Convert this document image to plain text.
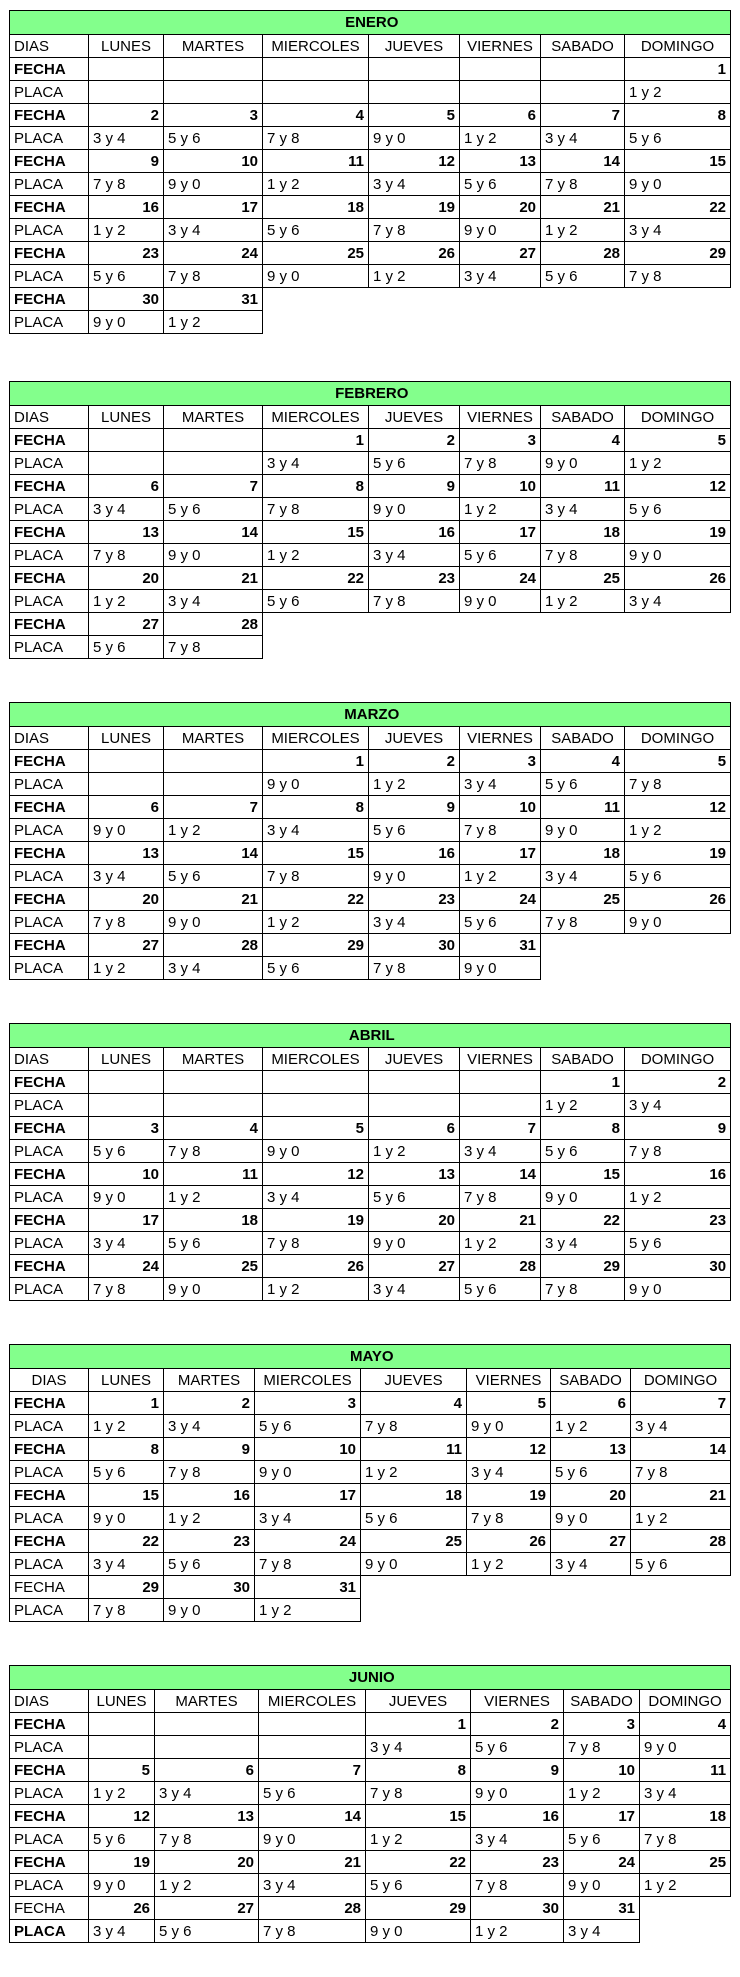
	ENERO						
DIAS	LUNES	MARTES	MIERCOLES	JUEVES	VIERNES	SABADO	DOMINGO
FECHA							1
PLACA							1 y 2
FECHA	2	3	4	5	6	7	8
PLACA	3 y 4	5 y 6	7 y 8	9 y 0	1 y 2	3 y 4	5 y 6
FECHA	9	10	11	12	13	14	15
PLACA	7 y 8	9 y 0	1 y 2	3 y 4	5 y 6	7 y 8	9 y 0
FECHA	16	17	18	19	20	21	22
PLACA	1 y 2	3 y 4	5 y 6	7 y 8	9 y 0	1 y 2	3 y 4
FECHA	23	24	25	26	27	28	29
PLACA	5 y 6	7 y 8	9 y 0	1 y 2	3 y 4	5 y 6	7 y 8
FECHA	30	31					
PLACA	9 y 0	1 y 2					
	FEBRERO						
DIAS	LUNES	MARTES	MIERCOLES	JUEVES	VIERNES	SABADO	DOMINGO
FECHA			1	2	3	4	5
PLACA			3 y 4	5 y 6	7 y 8	9 y 0	1 y 2
FECHA	6	7	8	9	10	11	12
PLACA	3 y 4	5 y 6	7 y 8	9 y 0	1 y 2	3 y 4	5 y 6
FECHA	13	14	15	16	17	18	19
PLACA	7 y 8	9 y 0	1 y 2	3 y 4	5 y 6	7 y 8	9 y 0
FECHA	20	21	22	23	24	25	26
PLACA	1 y 2	3 y 4	5 y 6	7 y 8	9 y 0	1 y 2	3 y 4
FECHA	27	28					
PLACA	5 y 6	7 y 8					
	MARZO						
DIAS	LUNES	MARTES	MIERCOLES	JUEVES	VIERNES	SABADO	DOMINGO
FECHA			1	2	3	4	5
PLACA			9 y 0	1 y 2	3 y 4	5 y 6	7 y 8
FECHA	6	7	8	9	10	11	12
PLACA	9 y 0	1 y 2	3 y 4	5 y 6	7 y 8	9 y 0	1 y 2
FECHA	13	14	15	16	17	18	19
PLACA	3 y 4	5 y 6	7 y 8	9 y 0	1 y 2	3 y 4	5 y 6
FECHA	20	21	22	23	24	25	26
PLACA	7 y 8	9 y 0	1 y 2	3 y 4	5 y 6	7 y 8	9 y 0
FECHA	27	28	29	30	31		
PLACA	1 y 2	3 y 4	5 y 6	7 y 8	9 y 0		
	ABRIL						
DIAS	LUNES	MARTES	MIERCOLES	JUEVES	VIERNES	SABADO	DOMINGO
FECHA						1	2
PLACA						1 y 2	3 y 4
FECHA	3	4	5	6	7	8	9
PLACA	5 y 6	7 y 8	9 y 0	1 y 2	3 y 4	5 y 6	7 y 8
FECHA	10	11	12	13	14	15	16
PLACA	9 y 0	1 y 2	3 y 4	5 y 6	7 y 8	9 y 0	1 y 2
FECHA	17	18	19	20	21	22	23
PLACA	3 y 4	5 y 6	7 y 8	9 y 0	1 y 2	3 y 4	5 y 6
FECHA	24	25	26	27	28	29	30
PLACA	7 y 8	9 y 0	1 y 2	3 y 4	5 y 6	7 y 8	9 y 0
	MAYO						
DIAS	LUNES	MARTES	MIERCOLES	JUEVES	VIERNES	SABADO	DOMINGO
FECHA	1	2	3	4	5	6	7
PLACA	1 y 2	3 y 4	5 y 6	7 y 8	9 y 0	1 y 2	3 y 4
FECHA	8	9	10	11	12	13	14
PLACA	5 y 6	7 y 8	9 y 0	1 y 2	3 y 4	5 y 6	7 y 8
FECHA	15	16	17	18	19	20	21
PLACA	9 y 0	1 y 2	3 y 4	5 y 6	7 y 8	9 y 0	1 y 2
FECHA	22	23	24	25	26	27	28
PLACA	3 y 4	5 y 6	7 y 8	9 y 0	1 y 2	3 y 4	5 y 6
FECHA	29	30	31				
PLACA	7 y 8	9 y 0	1 y 2				
	JUNIO						
DIAS	LUNES	MARTES	MIERCOLES	JUEVES	VIERNES	SABADO	DOMINGO
FECHA				1	2	3	4
PLACA				3 y 4	5 y 6	7 y 8	9 y 0
FECHA	5	6	7	8	9	10	11
PLACA	1 y 2	3 y 4	5 y 6	7 y 8	9 y 0	1 y 2	3 y 4
FECHA	12	13	14	15	16	17	18
PLACA	5 y 6	7 y 8	9 y 0	1 y 2	3 y 4	5 y 6	7 y 8
FECHA	19	20	21	22	23	24	25
PLACA	9 y 0	1 y 2	3 y 4	5 y 6	7 y 8	9 y 0	1 y 2
FECHA	26	27	28	29	30	31	
PLACA	3 y 4	5 y 6	7 y 8	9 y 0	1 y 2	3 y 4	
